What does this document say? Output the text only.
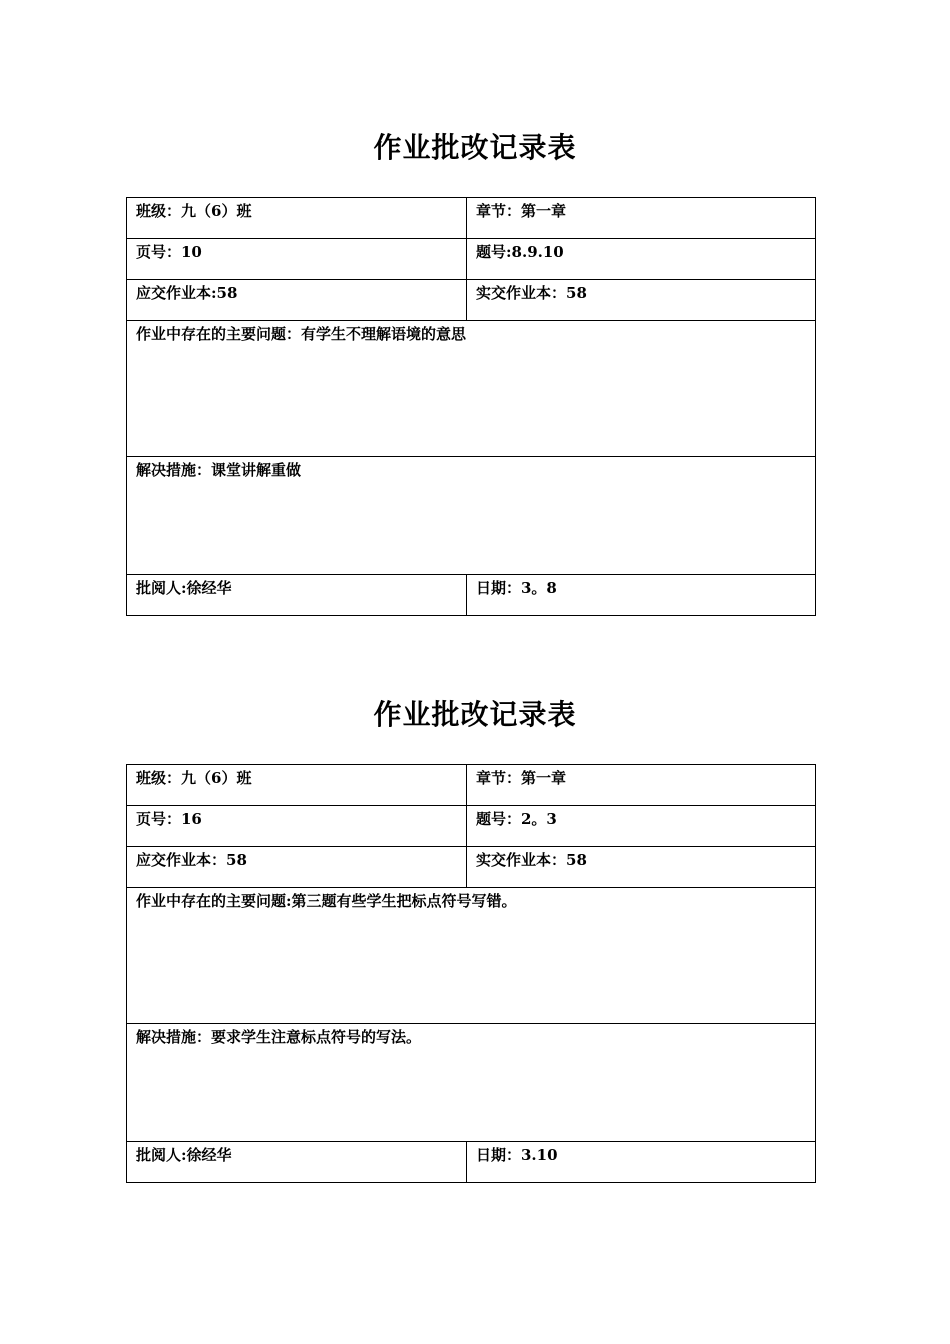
作业批改记录表
班级：九（6）班	章节：第一章
页号：10	题号:8.9.10
应交作业本:58	实交作业本：58
作业中存在的主要问题：有学生不理解语境的意思	
解决措施：课堂讲解重做	
批阅人:徐经华	日期：3。8
作业批改记录表
班级：九（6）班	章节：第一章
页号：16	题号：2。3
应交作业本：58	实交作业本：58
作业中存在的主要问题:第三题有些学生把标点符号写错。	
解决措施：要求学生注意标点符号的写法。	
批阅人:徐经华	日期：3.10
